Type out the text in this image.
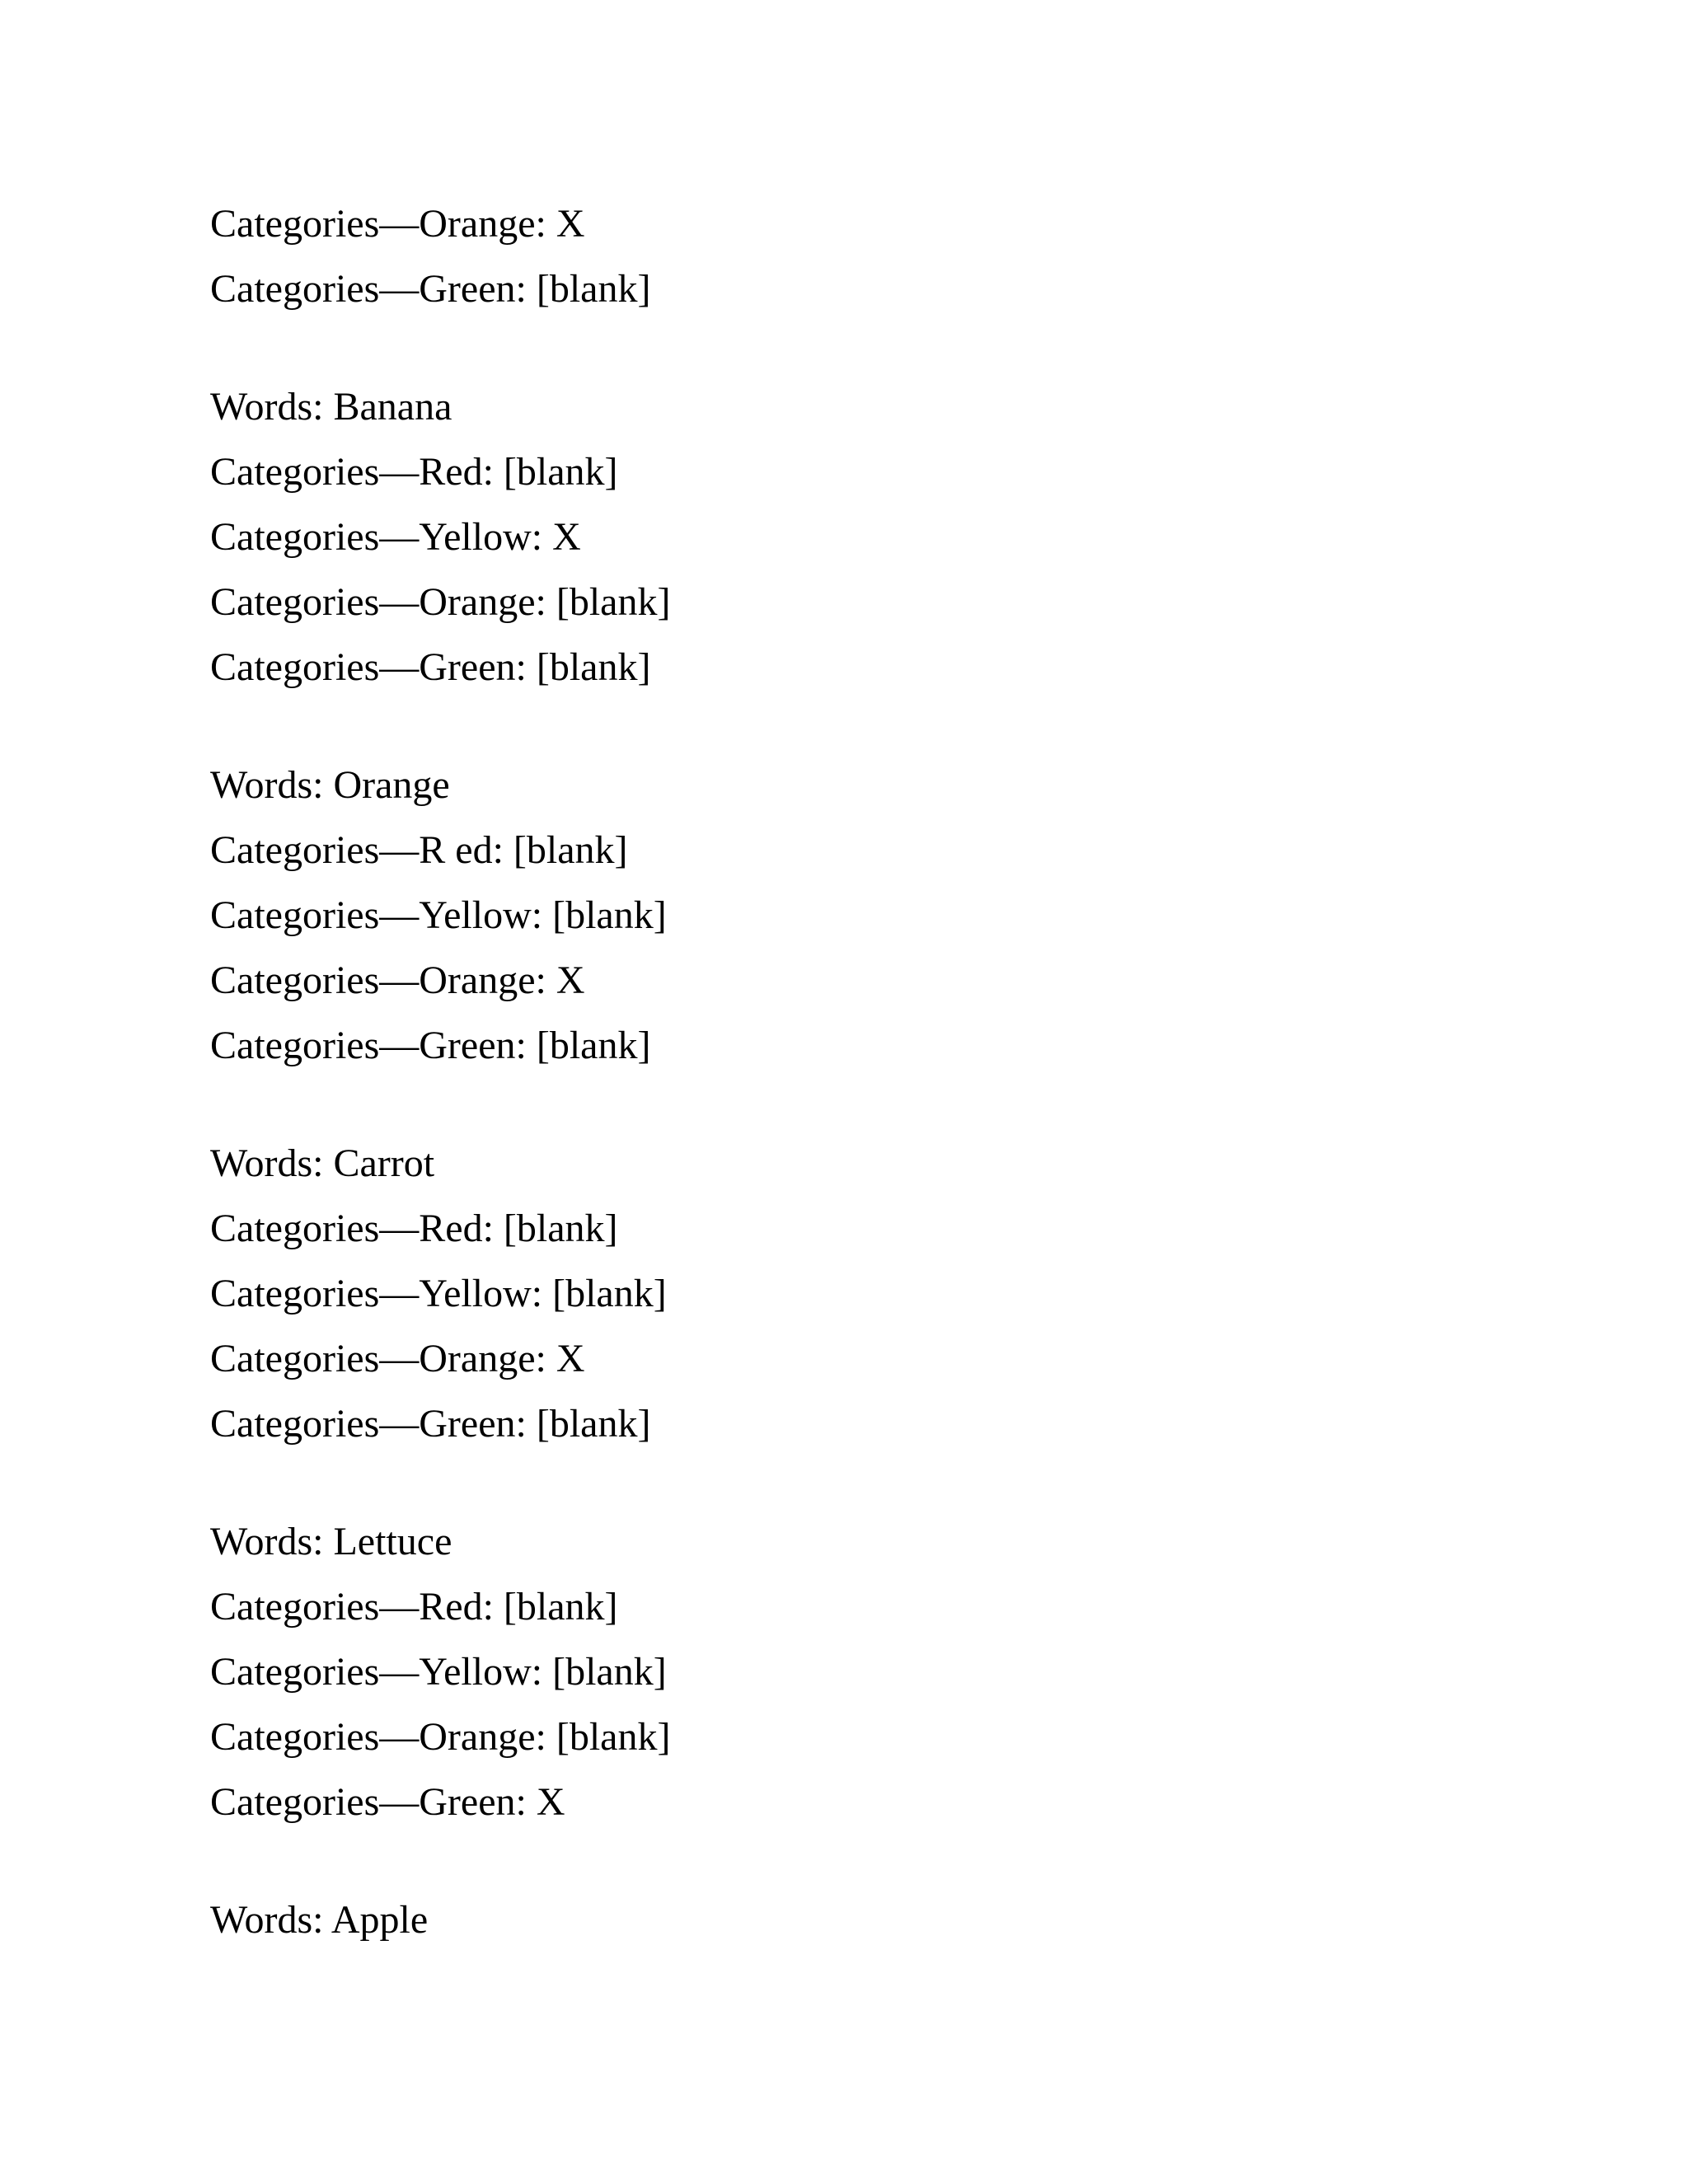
Categories—Orange: X
Categories—Green: [blank]
Words: Banana
Categories—Red: [blank]
Categories—Yellow: X
Categories—Orange: [blank]
Categories—Green: [blank]
Words: Orange
Categories—R ed: [blank]
Categories—Yellow: [blank]
Categories—Orange: X
Categories—Green: [blank]
Words: Carrot
Categories—Red: [blank]
Categories—Yellow: [blank]
Categories—Orange: X
Categories—Green: [blank]
Words: Lettuce
Categories—Red: [blank]
Categories—Yellow: [blank]
Categories—Orange: [blank]
Categories—Green: X
Words: Apple
